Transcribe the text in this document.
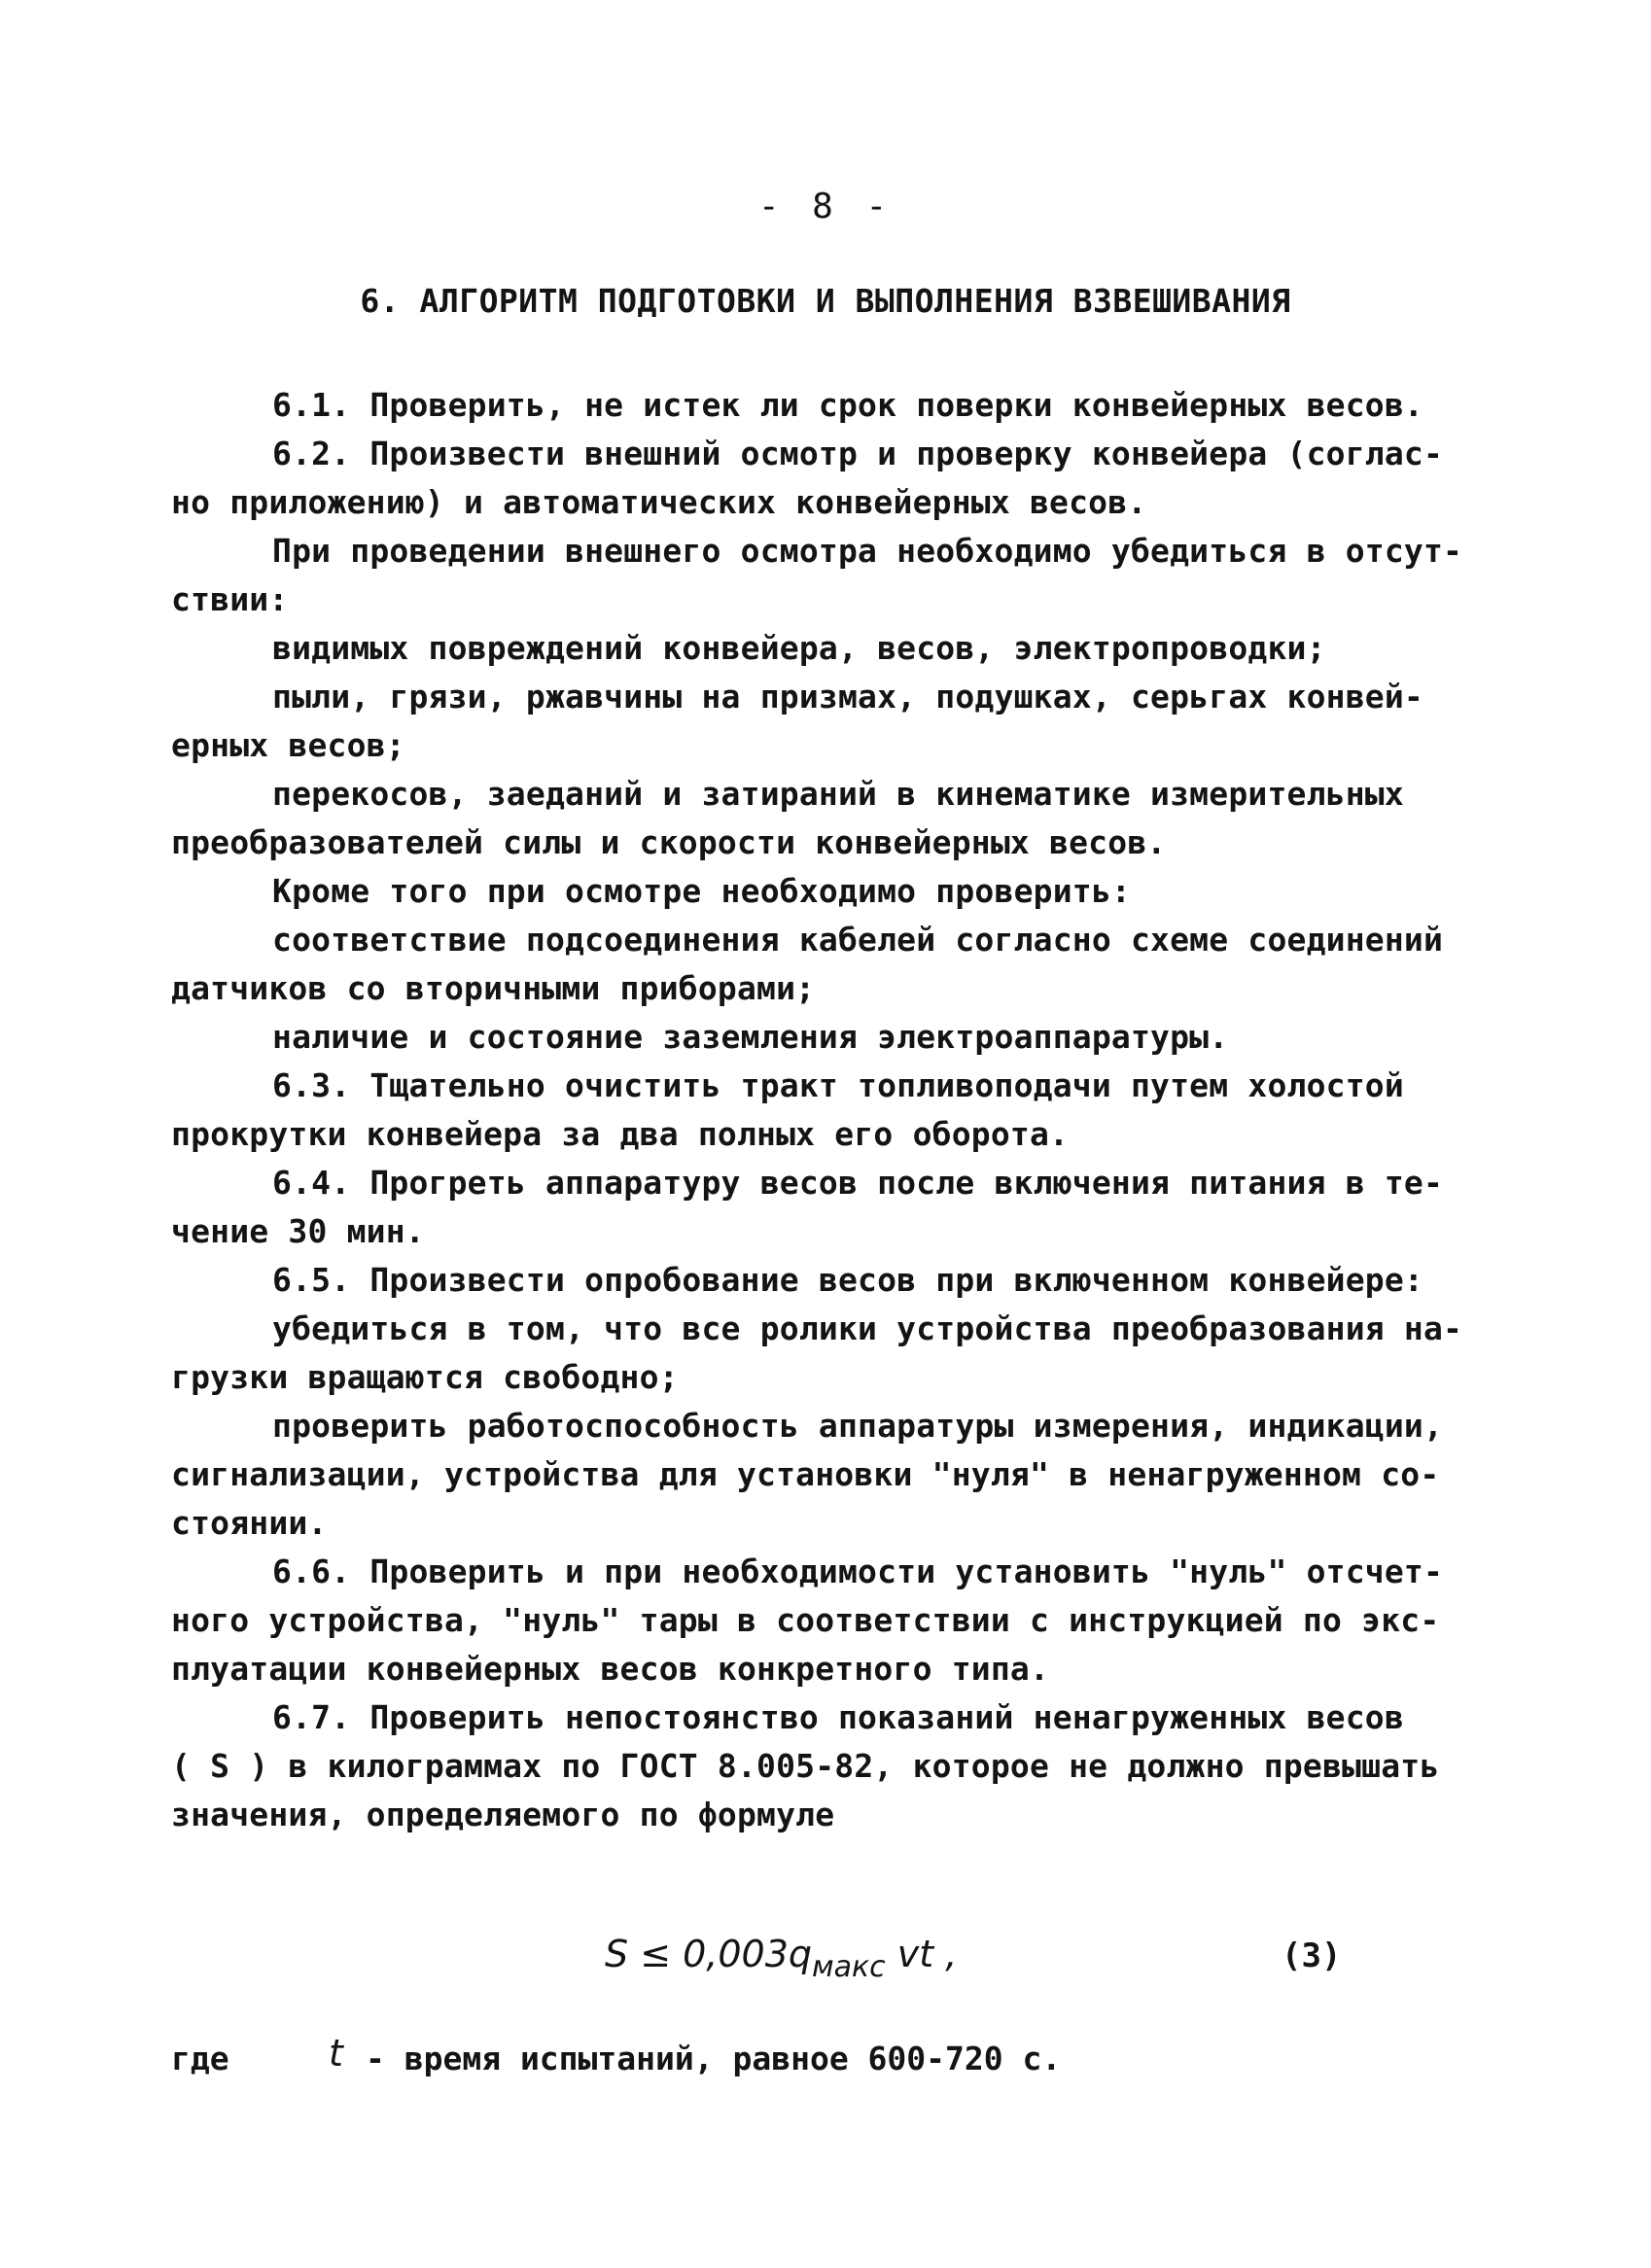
- 8 -
6. АЛГОРИТМ ПОДГОТОВКИ И ВЫПОЛНЕНИЯ ВЗВЕШИВАНИЯ
6.1. Проверить, не истек ли срок поверки конвейерных весов.
6.2. Произвести внешний осмотр и проверку конвейера (соглас-
но приложению) и автоматических конвейерных весов.
При проведении внешнего осмотра необходимо убедиться в отсут-
ствии:
видимых повреждений конвейера, весов, электропроводки;
пыли, грязи, ржавчины на призмах, подушках, серьгах конвей-
ерных весов;
перекосов, заеданий и затираний в кинематике измерительных
преобразователей силы и скорости конвейерных весов.
Кроме того при осмотре необходимо проверить:
соответствие подсоединения кабелей согласно схеме соединений
датчиков со вторичными приборами;
наличие и состояние заземления электроаппаратуры.
6.3. Тщательно очистить тракт топливоподачи путем холостой
прокрутки конвейера за два полных его оборота.
6.4. Прогреть аппаратуру весов после включения питания в те-
чение 30 мин.
6.5. Произвести опробование весов при включенном конвейере:
убедиться в том, что все ролики устройства преобразования на-
грузки вращаются свободно;
проверить работоспособность аппаратуры измерения, индикации,
сигнализации, устройства для установки "нуля" в ненагруженном со-
стоянии.
6.6. Проверить и при необходимости установить "нуль" отсчет-
ного устройства, "нуль" тары в соответствии с инструкцией по экс-
плуатации конвейерных весов конкретного типа.
6.7. Проверить непостоянство показаний ненагруженных весов
( S ) в килограммах по ГОСТ 8.005-82, которое не должно превышать
значения, определяемого по формуле
$S \le 0,003q_{макс}$ vt ,	(3)
где	t - время испытаний, равное 600-720 с.
